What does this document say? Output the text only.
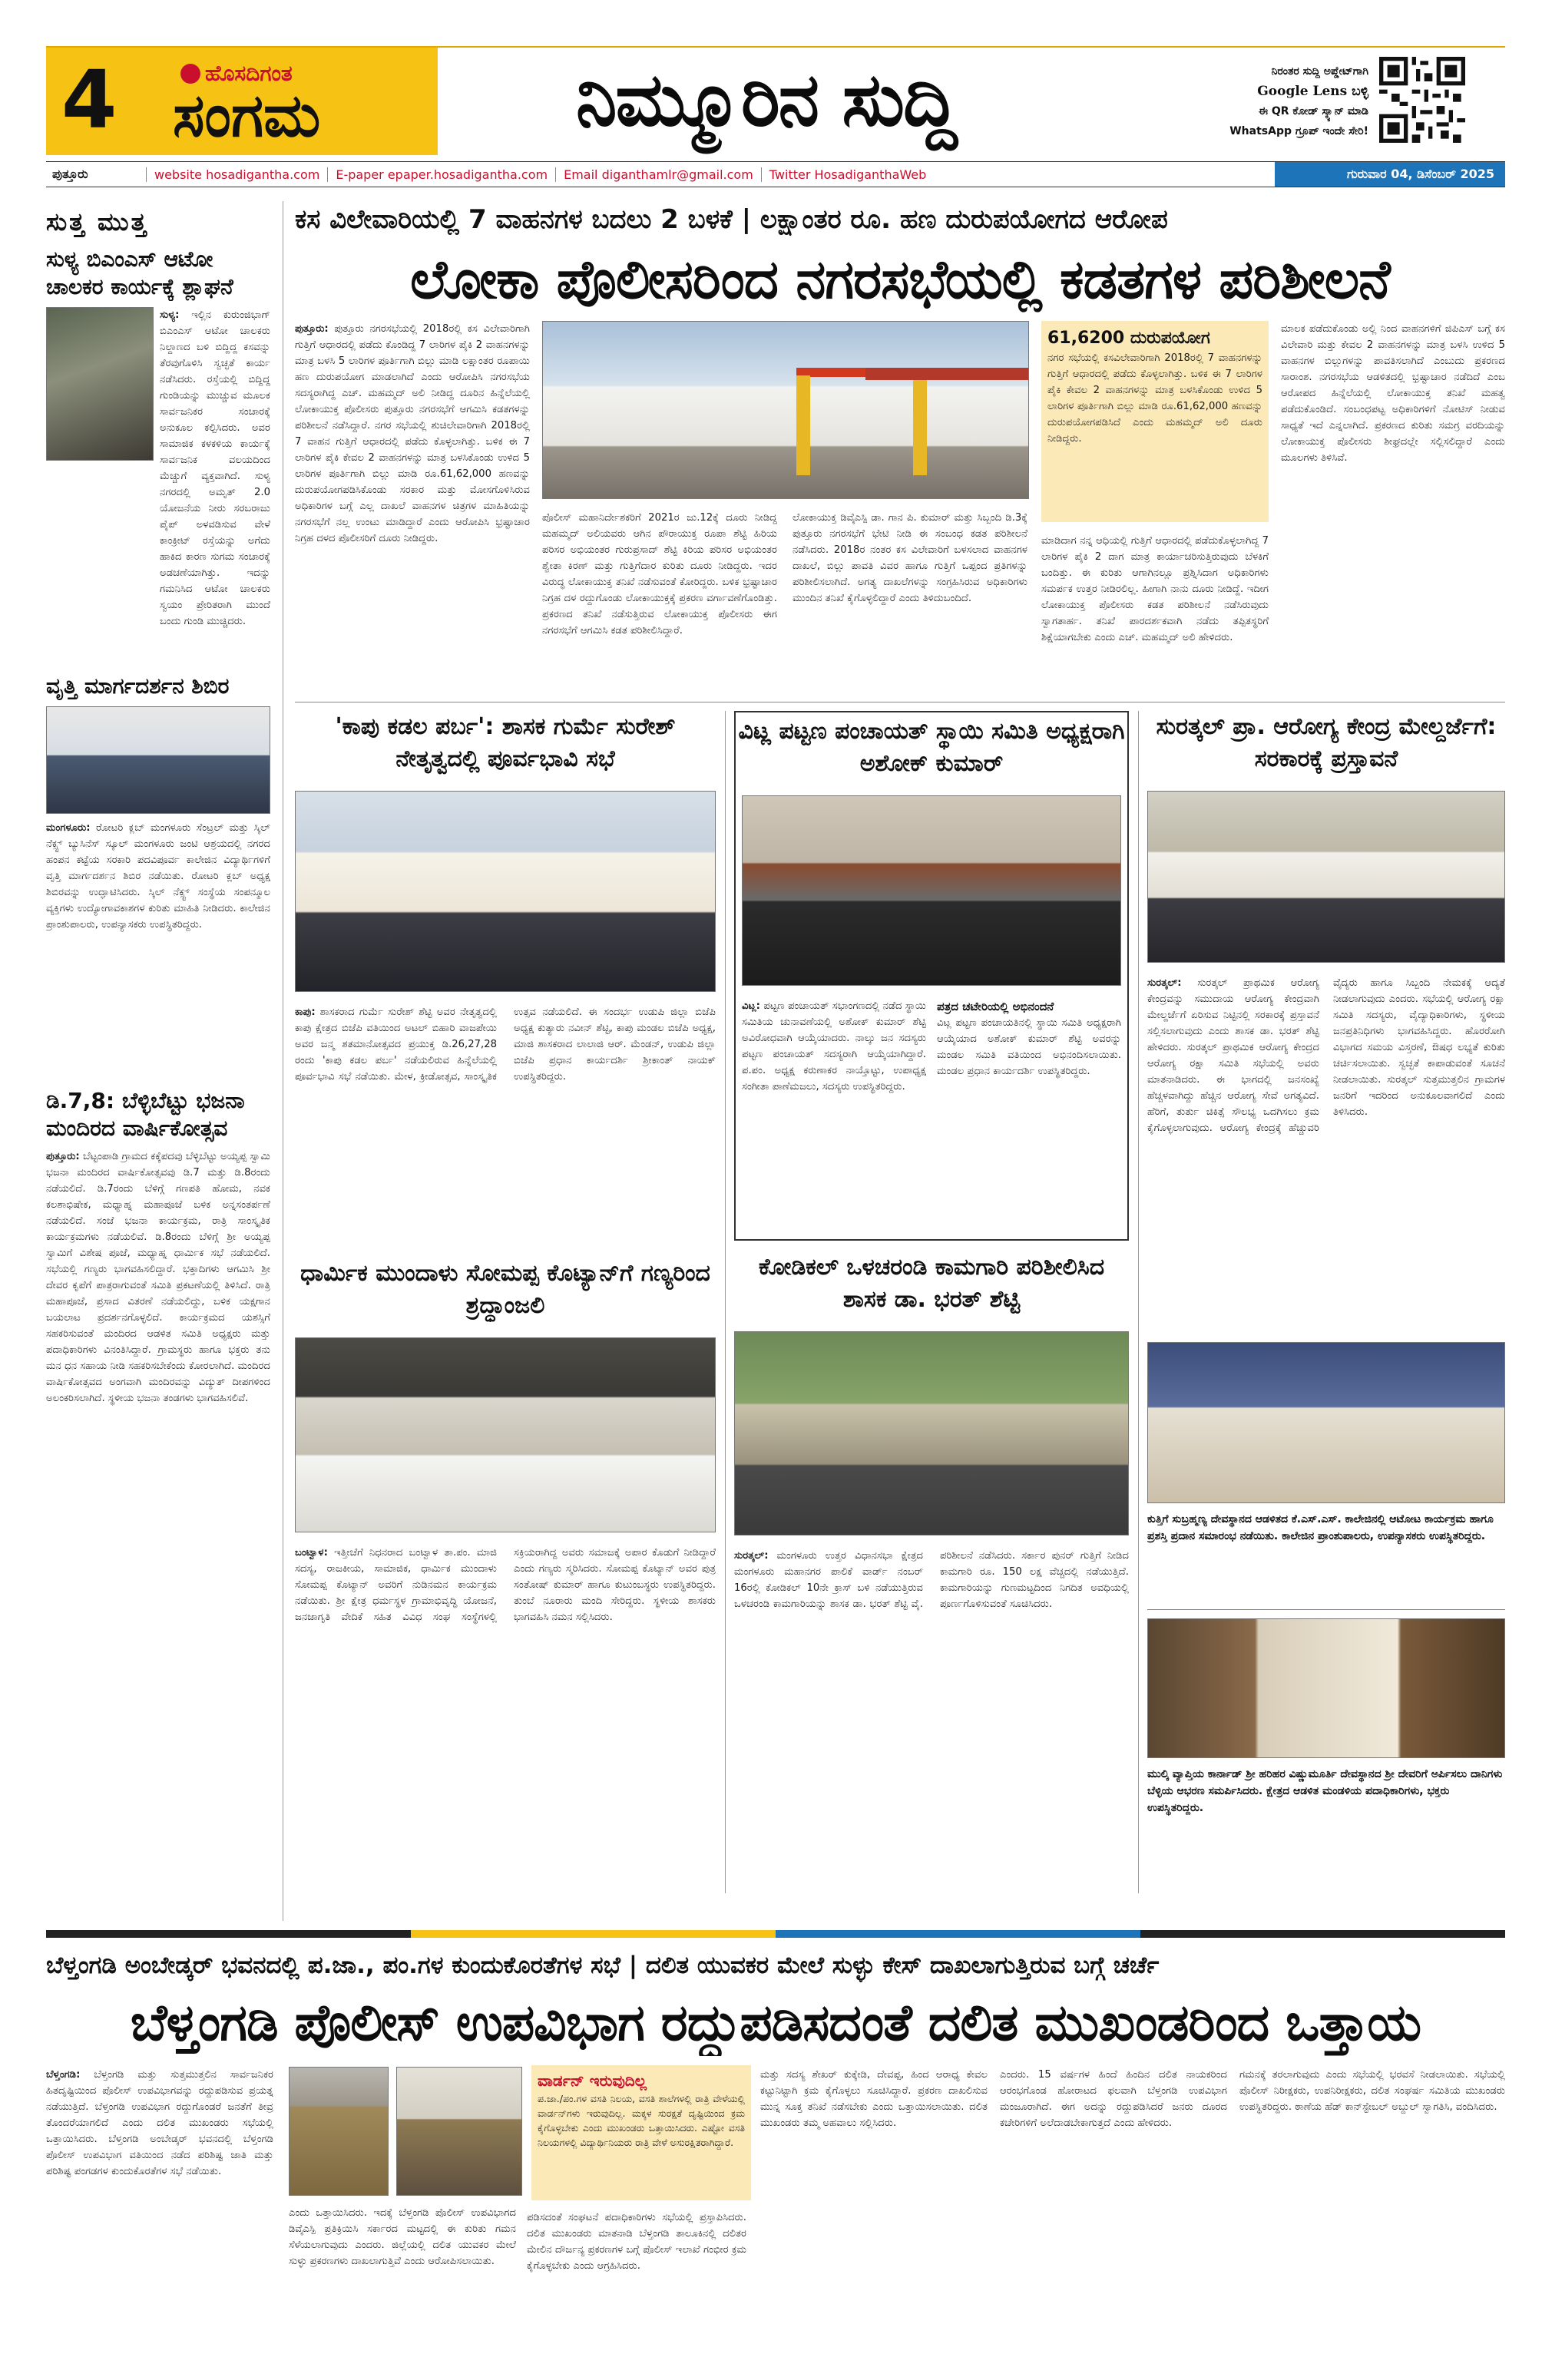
4	ಹೊಸದಿಗಂತ
ಸಂಗಮ	ನಿಮ್ಮೂರಿನ ಸುದ್ದಿ	ನಿರಂತರ ಸುದ್ದಿ ಅಪ್ಡೇಟ್‌ಗಾಗಿ
Google Lens ಬಳ್ಳಿ
ಈ QR ಕೋಡ್ ಸ್ಕ್ಯಾನ್ ಮಾಡಿ
WhatsApp ಗ್ರೂಪ್ ಇಂದೇ ಸೇರಿ!
ಪುತ್ತೂರು	website hosadigantha.com	E-paper epaper.hosadigantha.com	Email diganthamlr@gmail.com	Twitter HosadiganthaWeb	ಗುರುವಾರ 04, ಡಿಸೆಂಬರ್ 2025
ಸುತ್ತ ಮುತ್ತ
ಸುಳ್ಯ ಬಿಎಂಎಸ್ ಆಟೋ ಚಾಲಕರ ಕಾರ್ಯಕ್ಕೆ ಶ್ಲಾಘನೆ
ಸುಳ್ಯ: ಇಲ್ಲಿನ ಕುರುಂಜಿಭಾಗ್ ಬಿಎಂಎಸ್ ಆಟೋ ಚಾಲಕರು ನಿಲ್ದಾಣದ ಬಳಿ ಬಿದ್ದಿದ್ದ ಕಸವನ್ನು ತೆರವುಗೊಳಿಸಿ ಸ್ವಚ್ಛತೆ ಕಾರ್ಯ ನಡೆಸಿದರು. ರಸ್ತೆಯಲ್ಲಿ ಬಿದ್ದಿದ್ದ ಗುಂಡಿಯನ್ನು ಮುಚ್ಚುವ ಮೂಲಕ ಸಾರ್ವಜನಿಕರ ಸಂಚಾರಕ್ಕೆ ಅನುಕೂಲ ಕಲ್ಪಿಸಿದರು. ಅವರ ಸಾಮಾಜಿಕ ಕಳಕಳಿಯ ಕಾರ್ಯಕ್ಕೆ ಸಾರ್ವಜನಿಕ ವಲಯದಿಂದ ಮೆಚ್ಚುಗೆ ವ್ಯಕ್ತವಾಗಿದೆ. ಸುಳ್ಯ ನಗರದಲ್ಲಿ ಅಮೃತ್ 2.0 ಯೋಜನೆಯ ನೀರು ಸರಬರಾಜು ಪೈಪ್ ಅಳವಡಿಸುವ ವೇಳೆ ಕಾಂಕ್ರೀಟ್ ರಸ್ತೆಯನ್ನು ಅಗೆದು ಹಾಕಿದ ಕಾರಣ ಸುಗಮ ಸಂಚಾರಕ್ಕೆ ಅಡಚಣೆಯಾಗಿತ್ತು. ಇದನ್ನು ಗಮನಿಸಿದ ಆಟೋ ಚಾಲಕರು ಸ್ವಯಂ ಪ್ರೇರಿತರಾಗಿ ಮುಂದೆ ಬಂದು ಗುಂಡಿ ಮುಚ್ಚಿದರು.
ವೃತ್ತಿ ಮಾರ್ಗದರ್ಶನ ಶಿಬಿರ
ಮಂಗಳೂರು: ರೋಟರಿ ಕ್ಲಬ್ ಮಂಗಳೂರು ಸೆಂಟ್ರಲ್ ಮತ್ತು ಸ್ಕಿಲ್ ನೆಕ್ಸ್ಟ್ ಬ್ಯುಸಿನೆಸ್ ಸ್ಕೂಲ್ ಮಂಗಳೂರು ಜಂಟಿ ಆಶ್ರಯದಲ್ಲಿ ನಗರದ ಹಂಪನ ಕಟ್ಟೆಯ ಸರಕಾರಿ ಪದವಿಪೂರ್ವ ಕಾಲೇಜಿನ ವಿದ್ಯಾರ್ಥಿಗಳಿಗೆ ವೃತ್ತಿ ಮಾರ್ಗದರ್ಶನ ಶಿಬಿರ ನಡೆಯಿತು. ರೋಟರಿ ಕ್ಲಬ್ ಅಧ್ಯಕ್ಷ ಶಿಬಿರವನ್ನು ಉದ್ಘಾಟಿಸಿದರು. ಸ್ಕಿಲ್ ನೆಕ್ಸ್ಟ್ ಸಂಸ್ಥೆಯ ಸಂಪನ್ಮೂಲ ವ್ಯಕ್ತಿಗಳು ಉದ್ಯೋಗಾವಕಾಶಗಳ ಕುರಿತು ಮಾಹಿತಿ ನೀಡಿದರು. ಕಾಲೇಜಿನ ಪ್ರಾಂಶುಪಾಲರು, ಉಪನ್ಯಾಸಕರು ಉಪಸ್ಥಿತರಿದ್ದರು.
ಡಿ.7,8: ಬೆಳ್ಳಿಬೆಟ್ಟು ಭಜನಾ ಮಂದಿರದ ವಾರ್ಷಿಕೋತ್ಸವ
ಪುತ್ತೂರು: ಬೆಟ್ಟಂಪಾಡಿ ಗ್ರಾಮದ ಕಕ್ಕೆಪದವು ಬೆಳ್ಳಿಬೆಟ್ಟು ಅಯ್ಯಪ್ಪ ಸ್ವಾಮಿ ಭಜನಾ ಮಂದಿರದ ವಾರ್ಷಿಕೋತ್ಸವವು ಡಿ.7 ಮತ್ತು ಡಿ.8ರಂದು ನಡೆಯಲಿದೆ. ಡಿ.7ರಂದು ಬೆಳಿಗ್ಗೆ ಗಣಪತಿ ಹೋಮ, ನವಕ ಕಲಶಾಭಿಷೇಕ, ಮಧ್ಯಾಹ್ನ ಮಹಾಪೂಜೆ ಬಳಿಕ ಅನ್ನಸಂತರ್ಪಣೆ ನಡೆಯಲಿದೆ. ಸಂಜೆ ಭಜನಾ ಕಾರ್ಯಕ್ರಮ, ರಾತ್ರಿ ಸಾಂಸ್ಕೃತಿಕ ಕಾರ್ಯಕ್ರಮಗಳು ನಡೆಯಲಿವೆ. ಡಿ.8ರಂದು ಬೆಳಿಗ್ಗೆ ಶ್ರೀ ಅಯ್ಯಪ್ಪ ಸ್ವಾಮಿಗೆ ವಿಶೇಷ ಪೂಜೆ, ಮಧ್ಯಾಹ್ನ ಧಾರ್ಮಿಕ ಸಭೆ ನಡೆಯಲಿದೆ. ಸಭೆಯಲ್ಲಿ ಗಣ್ಯರು ಭಾಗವಹಿಸಲಿದ್ದಾರೆ. ಭಕ್ತಾದಿಗಳು ಆಗಮಿಸಿ ಶ್ರೀ ದೇವರ ಕೃಪೆಗೆ ಪಾತ್ರರಾಗುವಂತೆ ಸಮಿತಿ ಪ್ರಕಟಣೆಯಲ್ಲಿ ತಿಳಿಸಿದೆ. ರಾತ್ರಿ ಮಹಾಪೂಜೆ, ಪ್ರಸಾದ ವಿತರಣೆ ನಡೆಯಲಿದ್ದು, ಬಳಿಕ ಯಕ್ಷಗಾನ ಬಯಲಾಟ ಪ್ರದರ್ಶನಗೊಳ್ಳಲಿದೆ. ಕಾರ್ಯಕ್ರಮದ ಯಶಸ್ಸಿಗೆ ಸಹಕರಿಸುವಂತೆ ಮಂದಿರದ ಆಡಳಿತ ಸಮಿತಿ ಅಧ್ಯಕ್ಷರು ಮತ್ತು ಪದಾಧಿಕಾರಿಗಳು ವಿನಂತಿಸಿದ್ದಾರೆ. ಗ್ರಾಮಸ್ಥರು ಹಾಗೂ ಭಕ್ತರು ತನು ಮನ ಧನ ಸಹಾಯ ನೀಡಿ ಸಹಕರಿಸಬೇಕೆಂದು ಕೋರಲಾಗಿದೆ. ಮಂದಿರದ ವಾರ್ಷಿಕೋತ್ಸವದ ಅಂಗವಾಗಿ ಮಂದಿರವನ್ನು ವಿದ್ಯುತ್ ದೀಪಗಳಿಂದ ಅಲಂಕರಿಸಲಾಗಿದೆ. ಸ್ಥಳೀಯ ಭಜನಾ ತಂಡಗಳು ಭಾಗವಹಿಸಲಿವೆ.
ಕಸ ವಿಲೇವಾರಿಯಲ್ಲಿ 7 ವಾಹನಗಳ ಬದಲು 2 ಬಳಕೆ | ಲಕ್ಷಾಂತರ ರೂ. ಹಣ ದುರುಪಯೋಗದ ಆರೋಪ
ಲೋಕಾ ಪೊಲೀಸರಿಂದ ನಗರಸಭೆಯಲ್ಲಿ ಕಡತಗಳ ಪರಿಶೀಲನೆ
ಪುತ್ತೂರು: ಪುತ್ತೂರು ನಗರಸಭೆಯಲ್ಲಿ 2018ರಲ್ಲಿ ಕಸ ವಿಲೇವಾರಿಗಾಗಿ ಗುತ್ತಿಗೆ ಆಧಾರದಲ್ಲಿ ಪಡೆದು ಕೊಂಡಿದ್ದ 7 ಲಾರಿಗಳ ಪೈಕಿ 2 ವಾಹನಗಳನ್ನು ಮಾತ್ರ ಬಳಸಿ 5 ಲಾರಿಗಳ ಪೂರ್ತಿಗಾಗಿ ಬಿಲ್ಲು ಮಾಡಿ ಲಕ್ಷಾಂತರ ರೂಪಾಯಿ ಹಣ ದುರುಪಯೋಗ ಮಾಡಲಾಗಿದೆ ಎಂದು ಆರೋಪಿಸಿ ನಗರಸಭೆಯ ಸದಸ್ಯರಾಗಿದ್ದ ಎಚ್. ಮಹಮ್ಮದ್ ಅಲಿ ನೀಡಿದ್ದ ದೂರಿನ ಹಿನ್ನೆಲೆಯಲ್ಲಿ ಲೋಕಾಯುಕ್ತ ಪೊಲೀಸರು ಪುತ್ತೂರು ನಗರಸಭೆಗೆ ಆಗಮಿಸಿ ಕಡತಗಳನ್ನು ಪರಿಶೀಲನೆ ನಡೆಸಿದ್ದಾರೆ. ನಗರ ಸಭೆಯಲ್ಲಿ ಶುಚಿಲೇವಾರಿಗಾಗಿ 2018ರಲ್ಲಿ 7 ವಾಹನ ಗುತ್ತಿಗೆ ಆಧಾರದಲ್ಲಿ ಪಡೆದು ಕೊಳ್ಳಲಾಗಿತ್ತು. ಬಳಿಕ ಈ 7 ಲಾರಿಗಳ ಪೈಕಿ ಕೇವಲ 2 ವಾಹನಗಳನ್ನು ಮಾತ್ರ ಬಳಸಿಕೊಂಡು ಉಳಿದ 5 ಲಾರಿಗಳ ಪೂರ್ತಿಗಾಗಿ ಬಿಲ್ಲು ಮಾಡಿ ರೂ.61,62,000 ಹಣವನ್ನು ದುರುಪಯೋಗಪಡಿಸಿಕೊಂಡು ಸರಕಾರ ಮತ್ತು ಮೋಸಗೊಳಿಸಿರುವ ಅಧಿಕಾರಿಗಳ ಬಗ್ಗೆ ಎಲ್ಲ ದಾಖಲೆ ವಾಹನಗಳ ಚಿತ್ರಗಳ ಮಾಹಿತಿಯನ್ನು ನಗರಸಭೆಗೆ ನಲ್ಲ ಉಂಟು ಮಾಡಿದ್ದಾರೆ ಎಂದು ಆರೋಪಿಸಿ ಭ್ರಷ್ಟಾಚಾರ ನಿಗ್ರಹ ದಳದ ಪೊಲೀಸರಿಗೆ ದೂರು ನೀಡಿದ್ದರು.
ಪೊಲೀಸ್ ಮಹಾನಿರ್ದೇಶಕರಿಗೆ 2021ರ ಜು.12ಕ್ಕೆ ದೂರು ನೀಡಿದ್ದ ಮಹಮ್ಮದ್ ಅಲಿಯವರು ಆಗಿನ ಪೌರಾಯುಕ್ತ ರೂಪಾ ಶೆಟ್ಟಿ ಹಿರಿಯ ಪರಿಸರ ಅಭಿಯಂತರ ಗುರುಪ್ರಸಾದ್ ಶೆಟ್ಟಿ ಕಿರಿಯ ಪರಿಸರ ಅಭಿಯಂತರ ಶ್ವೇತಾ ಕಿರಣ್ ಮತ್ತು ಗುತ್ತಿಗೆದಾರ ಕುರಿತು ದೂರು ನೀಡಿದ್ದರು. ಇದರ ವಿರುದ್ಧ ಲೋಕಾಯುಕ್ತ ತನಿಖೆ ನಡೆಸುವಂತೆ ಕೋರಿದ್ದರು. ಬಳಿಕ ಭ್ರಷ್ಟಾಚಾರ ನಿಗ್ರಹ ದಳ ರದ್ದುಗೊಂಡು ಲೋಕಾಯುಕ್ತಕ್ಕೆ ಪ್ರಕರಣ ವರ್ಗಾವಣೆಗೊಂಡಿತ್ತು. ಪ್ರಕರಣದ ತನಿಖೆ ನಡೆಸುತ್ತಿರುವ ಲೋಕಾಯುಕ್ತ ಪೊಲೀಸರು ಈಗ ನಗರಸಭೆಗೆ ಆಗಮಿಸಿ ಕಡತ ಪರಿಶೀಲಿಸಿದ್ದಾರೆ.
ಲೋಕಾಯುಕ್ತ ಡಿವೈಎಸ್ಪಿ ಡಾ. ಗಾನ ಪಿ. ಕುಮಾರ್ ಮತ್ತು ಸಿಬ್ಬಂದಿ ಡಿ.3ಕ್ಕೆ ಪುತ್ತೂರು ನಗರಸಭೆಗೆ ಭೇಟಿ ನೀಡಿ ಈ ಸಂಬಂಧ ಕಡತ ಪರಿಶೀಲನೆ ನಡೆಸಿದರು. 2018ರ ನಂತರ ಕಸ ವಿಲೇವಾರಿಗೆ ಬಳಸಲಾದ ವಾಹನಗಳ ದಾಖಲೆ, ಬಿಲ್ಲು ಪಾವತಿ ವಿವರ ಹಾಗೂ ಗುತ್ತಿಗೆ ಒಪ್ಪಂದ ಪ್ರತಿಗಳನ್ನು ಪರಿಶೀಲಿಸಲಾಗಿದೆ. ಅಗತ್ಯ ದಾಖಲೆಗಳನ್ನು ಸಂಗ್ರಹಿಸಿರುವ ಅಧಿಕಾರಿಗಳು ಮುಂದಿನ ತನಿಖೆ ಕೈಗೊಳ್ಳಲಿದ್ದಾರೆ ಎಂದು ತಿಳಿದುಬಂದಿದೆ.
61,6200 ದುರುಪಯೋಗ
ನಗರ ಸಭೆಯಲ್ಲಿ ಕಸವಿಲೇವಾರಿಗಾಗಿ 2018ರಲ್ಲಿ 7 ವಾಹನಗಳನ್ನು ಗುತ್ತಿಗೆ ಆಧಾರದಲ್ಲಿ ಪಡೆದು ಕೊಳ್ಳಲಾಗಿತ್ತು. ಬಳಿಕ ಈ 7 ಲಾರಿಗಳ ಪೈಕಿ ಕೇವಲ 2 ವಾಹನಗಳನ್ನು ಮಾತ್ರ ಬಳಸಿಕೊಂಡು ಉಳಿದ 5 ಲಾರಿಗಳ ಪೂರ್ತಿಗಾಗಿ ಬಿಲ್ಲು ಮಾಡಿ ರೂ.61,62,000 ಹಣವನ್ನು ದುರುಪಯೋಗಪಡಿಸಿದೆ ಎಂದು ಮಹಮ್ಮದ್ ಅಲಿ ದೂರು ನೀಡಿದ್ದರು.
ಮಾಡಿದಾಗ ನನ್ನ ಆಧಿಯಲ್ಲಿ ಗುತ್ತಿಗೆ ಆಧಾರದಲ್ಲಿ ಪಡೆದುಕೊಳ್ಳಲಾಗಿದ್ದ 7 ಲಾರಿಗಳ ಪೈಕಿ 2 ದಾಗ ಮಾತ್ರ ಕಾರ್ಯಾಚರಿಸುತ್ತಿರುವುದು ಬೆಳಕಿಗೆ ಬಂದಿತ್ತು. ಈ ಕುರಿತು ಆಗಾಗಿನಲ್ಲೂ ಪ್ರಶ್ನಿಸಿದಾಗ ಅಧಿಕಾರಿಗಳು ಸಮರ್ಪಕ ಉತ್ತರ ನೀಡಿರಲಿಲ್ಲ. ಹೀಗಾಗಿ ನಾನು ದೂರು ನೀಡಿದ್ದೆ. ಇದೀಗ ಲೋಕಾಯುಕ್ತ ಪೊಲೀಸರು ಕಡತ ಪರಿಶೀಲನೆ ನಡೆಸಿರುವುದು ಸ್ವಾಗತಾರ್ಹ. ತನಿಖೆ ಪಾರದರ್ಶಕವಾಗಿ ನಡೆದು ತಪ್ಪಿತಸ್ಥರಿಗೆ ಶಿಕ್ಷೆಯಾಗಬೇಕು ಎಂದು ಎಚ್. ಮಹಮ್ಮದ್ ಅಲಿ ಹೇಳಿದರು.
ಮಾಲಕ ಪಡೆದುಕೊಂಡು ಅಲ್ಲಿ ನಿಂದ ವಾಹನಗಳಿಗೆ ಜಿಪಿಎಸ್ ಬಗ್ಗೆ ಕಸ ವಿಲೇವಾರಿ ಮತ್ತು ಕೇವಲ 2 ವಾಹನಗಳನ್ನು ಮಾತ್ರ ಬಳಸಿ ಉಳಿದ 5 ವಾಹನಗಳ ಬಿಲ್ಲುಗಳನ್ನು ಪಾವತಿಸಲಾಗಿದೆ ಎಂಬುದು ಪ್ರಕರಣದ ಸಾರಾಂಶ. ನಗರಸಭೆಯ ಆಡಳಿತದಲ್ಲಿ ಭ್ರಷ್ಟಾಚಾರ ನಡೆದಿದೆ ಎಂಬ ಆರೋಪದ ಹಿನ್ನೆಲೆಯಲ್ಲಿ ಲೋಕಾಯುಕ್ತ ತನಿಖೆ ಮಹತ್ವ ಪಡೆದುಕೊಂಡಿದೆ. ಸಂಬಂಧಪಟ್ಟ ಅಧಿಕಾರಿಗಳಿಗೆ ನೋಟಿಸ್ ನೀಡುವ ಸಾಧ್ಯತೆ ಇದೆ ಎನ್ನಲಾಗಿದೆ. ಪ್ರಕರಣದ ಕುರಿತು ಸಮಗ್ರ ವರದಿಯನ್ನು ಲೋಕಾಯುಕ್ತ ಪೊಲೀಸರು ಶೀಘ್ರದಲ್ಲೇ ಸಲ್ಲಿಸಲಿದ್ದಾರೆ ಎಂದು ಮೂಲಗಳು ತಿಳಿಸಿವೆ.
'ಕಾಪು ಕಡಲ ಪರ್ಬ': ಶಾಸಕ ಗುರ್ಮೆ ಸುರೇಶ್ ನೇತೃತ್ವದಲ್ಲಿ ಪೂರ್ವಭಾವಿ ಸಭೆ
ಕಾಪು: ಶಾಸಕರಾದ ಗುರ್ಮೆ ಸುರೇಶ್ ಶೆಟ್ಟಿ ಅವರ ನೇತೃತ್ವದಲ್ಲಿ ಕಾಪು ಕ್ಷೇತ್ರದ ಬಿಜೆಪಿ ವತಿಯಿಂದ ಅಟಲ್ ಬಿಹಾರಿ ವಾಜಪೇಯಿ ಅವರ ಜನ್ಮ ಶತಮಾನೋತ್ಸವದ ಪ್ರಯುಕ್ತ ಡಿ.26,27,28 ರಂದು 'ಕಾಪು ಕಡಲ ಪರ್ಬ' ನಡೆಯಲಿರುವ ಹಿನ್ನೆಲೆಯಲ್ಲಿ ಪೂರ್ವಭಾವಿ ಸಭೆ ನಡೆಯಿತು. ಮೇಳ, ಕ್ರೀಡೋತ್ಸವ, ಸಾಂಸ್ಕೃತಿಕ ಉತ್ಸವ ನಡೆಯಲಿದೆ. ಈ ಸಂದರ್ಭ ಉಡುಪಿ ಜಿಲ್ಲಾ ಬಿಜೆಪಿ ಅಧ್ಯಕ್ಷ ಕುತ್ಯಾರು ನವೀನ್ ಶೆಟ್ಟಿ, ಕಾಪು ಮಂಡಲ ಬಿಜೆಪಿ ಅಧ್ಯಕ್ಷ, ಮಾಜಿ ಶಾಸಕರಾದ ಲಾಲಾಜಿ ಆರ್. ಮೆಂಡನ್, ಉಡುಪಿ ಜಿಲ್ಲಾ ಬಿಜೆಪಿ ಪ್ರಧಾನ ಕಾರ್ಯದರ್ಶಿ ಶ್ರೀಕಾಂತ್ ನಾಯಕ್ ಉಪಸ್ಥಿತರಿದ್ದರು.
ವಿಟ್ಲ ಪಟ್ಟಣ ಪಂಚಾಯತ್ ಸ್ಥಾಯಿ ಸಮಿತಿ ಅಧ್ಯಕ್ಷರಾಗಿ ಅಶೋಕ್ ಕುಮಾರ್
ವಿಟ್ಲ: ಪಟ್ಟಣ ಪಂಚಾಯತ್ ಸಭಾಂಗಣದಲ್ಲಿ ನಡೆದ ಸ್ಥಾಯಿ ಸಮಿತಿಯ ಚುನಾವಣೆಯಲ್ಲಿ ಅಶೋಕ್ ಕುಮಾರ್ ಶೆಟ್ಟಿ ಅವಿರೋಧವಾಗಿ ಆಯ್ಕೆಯಾದರು. ನಾಲ್ಕು ಜನ ಸದಸ್ಯರು ಪಟ್ಟಣ ಪಂಚಾಯತ್ ಸದಸ್ಯರಾಗಿ ಆಯ್ಕೆಯಾಗಿದ್ದಾರೆ. ಪ.ಪಂ. ಅಧ್ಯಕ್ಷ ಕರುಣಾಕರ ನಾಯ್ತೊಟ್ಟು, ಉಪಾಧ್ಯಕ್ಷ ಸಂಗೀತಾ ಪಾಣೆಮಜಲು, ಸದಸ್ಯರು ಉಪಸ್ಥಿತರಿದ್ದರು.
ಪತ್ರದ ಚಟೇರಿಯಲ್ಲಿ ಅಭಿನಂದನೆ
ವಿಟ್ಲ ಪಟ್ಟಣ ಪಂಚಾಯತಿನಲ್ಲಿ ಸ್ಥಾಯಿ ಸಮಿತಿ ಅಧ್ಯಕ್ಷರಾಗಿ ಆಯ್ಕೆಯಾದ ಅಶೋಕ್ ಕುಮಾರ್ ಶೆಟ್ಟಿ ಅವರನ್ನು ಮಂಡಲ ಸಮಿತಿ ವತಿಯಿಂದ ಅಭಿನಂದಿಸಲಾಯಿತು. ಮಂಡಲ ಪ್ರಧಾನ ಕಾರ್ಯದರ್ಶಿ ಉಪಸ್ಥಿತರಿದ್ದರು.
ಸುರತ್ಕಲ್ ಪ್ರಾ. ಆರೋಗ್ಯ ಕೇಂದ್ರ ಮೇಲ್ದರ್ಜೆಗೆ: ಸರಕಾರಕ್ಕೆ ಪ್ರಸ್ತಾವನೆ
ಸುರತ್ಕಲ್: ಸುರತ್ಕಲ್ ಪ್ರಾಥಮಿಕ ಆರೋಗ್ಯ ಕೇಂದ್ರವನ್ನು ಸಮುದಾಯ ಆರೋಗ್ಯ ಕೇಂದ್ರವಾಗಿ ಮೇಲ್ದರ್ಜೆಗೆ ಏರಿಸುವ ನಿಟ್ಟಿನಲ್ಲಿ ಸರಕಾರಕ್ಕೆ ಪ್ರಸ್ತಾವನೆ ಸಲ್ಲಿಸಲಾಗುವುದು ಎಂದು ಶಾಸಕ ಡಾ. ಭರತ್ ಶೆಟ್ಟಿ ಹೇಳಿದರು. ಸುರತ್ಕಲ್ ಪ್ರಾಥಮಿಕ ಆರೋಗ್ಯ ಕೇಂದ್ರದ ಆರೋಗ್ಯ ರಕ್ಷಾ ಸಮಿತಿ ಸಭೆಯಲ್ಲಿ ಅವರು ಮಾತನಾಡಿದರು. ಈ ಭಾಗದಲ್ಲಿ ಜನಸಂಖ್ಯೆ ಹೆಚ್ಚಳವಾಗಿದ್ದು ಹೆಚ್ಚಿನ ಆರೋಗ್ಯ ಸೇವೆ ಅಗತ್ಯವಿದೆ. ಹೆರಿಗೆ, ತುರ್ತು ಚಿಕಿತ್ಸೆ ಸೌಲಭ್ಯ ಒದಗಿಸಲು ಕ್ರಮ ಕೈಗೊಳ್ಳಲಾಗುವುದು. ಆರೋಗ್ಯ ಕೇಂದ್ರಕ್ಕೆ ಹೆಚ್ಚುವರಿ ವೈದ್ಯರು ಹಾಗೂ ಸಿಬ್ಬಂದಿ ನೇಮಕಕ್ಕೆ ಆದ್ಯತೆ ನೀಡಲಾಗುವುದು ಎಂದರು. ಸಭೆಯಲ್ಲಿ ಆರೋಗ್ಯ ರಕ್ಷಾ ಸಮಿತಿ ಸದಸ್ಯರು, ವೈದ್ಯಾಧಿಕಾರಿಗಳು, ಸ್ಥಳೀಯ ಜನಪ್ರತಿನಿಧಿಗಳು ಭಾಗವಹಿಸಿದ್ದರು. ಹೊರರೋಗಿ ವಿಭಾಗದ ಸಮಯ ವಿಸ್ತರಣೆ, ಔಷಧ ಲಭ್ಯತೆ ಕುರಿತು ಚರ್ಚಿಸಲಾಯಿತು. ಸ್ವಚ್ಛತೆ ಕಾಪಾಡುವಂತೆ ಸೂಚನೆ ನೀಡಲಾಯಿತು. ಸುರತ್ಕಲ್ ಸುತ್ತಮುತ್ತಲಿನ ಗ್ರಾಮಗಳ ಜನರಿಗೆ ಇದರಿಂದ ಅನುಕೂಲವಾಗಲಿದೆ ಎಂದು ತಿಳಿಸಿದರು.
ಧಾರ್ಮಿಕ ಮುಂದಾಳು ಸೋಮಪ್ಪ ಕೊಟ್ಯಾನ್‌ಗೆ ಗಣ್ಯರಿಂದ ಶ್ರದ್ಧಾಂಜಲಿ
ಬಂಟ್ವಾಳ: ಇತ್ತೀಚೆಗೆ ನಿಧನರಾದ ಬಂಟ್ವಾಳ ತಾ.ಪಂ. ಮಾಜಿ ಸದಸ್ಯ, ರಾಜಕೀಯ, ಸಾಮಾಜಿಕ, ಧಾರ್ಮಿಕ ಮುಂದಾಳು ಸೋಮಪ್ಪ ಕೊಟ್ಯಾನ್ ಅವರಿಗೆ ನುಡಿನಮನ ಕಾರ್ಯಕ್ರಮ ನಡೆಯಿತು. ಶ್ರೀ ಕ್ಷೇತ್ರ ಧರ್ಮಸ್ಥಳ ಗ್ರಾಮಾಭಿವೃದ್ಧಿ ಯೋಜನೆ, ಜನಜಾಗೃತಿ ವೇದಿಕೆ ಸಹಿತ ವಿವಿಧ ಸಂಘ ಸಂಸ್ಥೆಗಳಲ್ಲಿ ಸಕ್ರಿಯರಾಗಿದ್ದ ಅವರು ಸಮಾಜಕ್ಕೆ ಅಪಾರ ಕೊಡುಗೆ ನೀಡಿದ್ದಾರೆ ಎಂದು ಗಣ್ಯರು ಸ್ಮರಿಸಿದರು. ಸೋಮಪ್ಪ ಕೊಟ್ಯಾನ್ ಅವರ ಪುತ್ರ ಸಂತೋಷ್ ಕುಮಾರ್ ಹಾಗೂ ಕುಟುಂಬಸ್ಥರು ಉಪಸ್ಥಿತರಿದ್ದರು. ತುಂಬೆ ನೂರಾರು ಮಂದಿ ಸೇರಿದ್ದರು. ಸ್ಥಳೀಯ ಶಾಸಕರು ಭಾಗವಹಿಸಿ ನಮನ ಸಲ್ಲಿಸಿದರು.
ಕೋಡಿಕಲ್ ಒಳಚರಂಡಿ ಕಾಮಗಾರಿ ಪರಿಶೀಲಿಸಿದ ಶಾಸಕ ಡಾ. ಭರತ್ ಶೆಟ್ಟಿ
ಸುರತ್ಕಲ್: ಮಂಗಳೂರು ಉತ್ತರ ವಿಧಾನಸಭಾ ಕ್ಷೇತ್ರದ ಮಂಗಳೂರು ಮಹಾನಗರ ಪಾಲಿಕೆ ವಾರ್ಡ್ ನಂಬರ್ 16ರಲ್ಲಿ ಕೋಡಿಕಲ್ 10ನೇ ಕ್ರಾಸ್ ಬಳಿ ನಡೆಯುತ್ತಿರುವ ಒಳಚರಂಡಿ ಕಾಮಗಾರಿಯನ್ನು ಶಾಸಕ ಡಾ. ಭರತ್ ಶೆಟ್ಟಿ ವೈ. ಪರಿಶೀಲನೆ ನಡೆಸಿದರು. ಸರ್ಕಾರ ಪುನರ್ ಗುತ್ತಿಗೆ ನೀಡಿದ ಕಾಮಗಾರಿ ರೂ. 150 ಲಕ್ಷ ವೆಚ್ಚದಲ್ಲಿ ನಡೆಯುತ್ತಿದೆ. ಕಾಮಗಾರಿಯನ್ನು ಗುಣಮಟ್ಟದಿಂದ ನಿಗದಿತ ಅವಧಿಯಲ್ಲಿ ಪೂರ್ಣಗೊಳಿಸುವಂತೆ ಸೂಚಿಸಿದರು.
ಕುತ್ತಿಗೆ ಸುಬ್ರಹ್ಮಣ್ಯ ದೇವಸ್ಥಾನದ ಆಡಳಿತದ ಕೆ.ಎಸ್.ಎಸ್. ಕಾಲೇಜಿನಲ್ಲಿ ಆಟೋಟ ಕಾರ್ಯಕ್ರಮ ಹಾಗೂ ಪ್ರಶಸ್ತಿ ಪ್ರದಾನ ಸಮಾರಂಭ ನಡೆಯಿತು. ಕಾಲೇಜಿನ ಪ್ರಾಂಶುಪಾಲರು, ಉಪನ್ಯಾಸಕರು ಉಪಸ್ಥಿತರಿದ್ದರು.
ಮುಲ್ಕಿ ವ್ಯಾಪ್ತಿಯ ಕಾರ್ನಾಡ್ ಶ್ರೀ ಹರಿಹರ ವಿಷ್ಣುಮೂರ್ತಿ ದೇವಸ್ಥಾನದ ಶ್ರೀ ದೇವರಿಗೆ ಅರ್ಪಿಸಲು ದಾನಿಗಳು ಬೆಳ್ಳಿಯ ಆಭರಣ ಸಮರ್ಪಿಸಿದರು. ಕ್ಷೇತ್ರದ ಆಡಳಿತ ಮಂಡಳಿಯ ಪದಾಧಿಕಾರಿಗಳು, ಭಕ್ತರು ಉಪಸ್ಥಿತರಿದ್ದರು.
ಬೆಳ್ತಂಗಡಿ ಅಂಬೇಡ್ಕರ್ ಭವನದಲ್ಲಿ ಪ.ಜಾ., ಪಂ.ಗಳ ಕುಂದುಕೊರತೆಗಳ ಸಭೆ | ದಲಿತ ಯುವಕರ ಮೇಲೆ ಸುಳ್ಳು ಕೇಸ್ ದಾಖಲಾಗುತ್ತಿರುವ ಬಗ್ಗೆ ಚರ್ಚೆ
ಬೆಳ್ತಂಗಡಿ ಪೊಲೀಸ್ ಉಪವಿಭಾಗ ರದ್ದುಪಡಿಸದಂತೆ ದಲಿತ ಮುಖಂಡರಿಂದ ಒತ್ತಾಯ
ಬೆಳ್ತಂಗಡಿ: ಬೆಳ್ತಂಗಡಿ ಮತ್ತು ಸುತ್ತಮುತ್ತಲಿನ ಸಾರ್ವಜನಿಕರ ಹಿತದೃಷ್ಟಿಯಿಂದ ಪೊಲೀಸ್ ಉಪವಿಭಾಗವನ್ನು ರದ್ದುಪಡಿಸುವ ಪ್ರಯತ್ನ ನಡೆಯುತ್ತಿದೆ. ಬೆಳ್ತಂಗಡಿ ಉಪವಿಭಾಗ ರದ್ದುಗೊಂಡರೆ ಜನತೆಗೆ ತೀವ್ರ ತೊಂದರೆಯಾಗಲಿದೆ ಎಂದು ದಲಿತ ಮುಖಂಡರು ಸಭೆಯಲ್ಲಿ ಒತ್ತಾಯಿಸಿದರು. ಬೆಳ್ತಂಗಡಿ ಅಂಬೇಡ್ಕರ್ ಭವನದಲ್ಲಿ ಬೆಳ್ತಂಗಡಿ ಪೊಲೀಸ್ ಉಪವಿಭಾಗ ವತಿಯಿಂದ ನಡೆದ ಪರಿಶಿಷ್ಟ ಜಾತಿ ಮತ್ತು ಪರಿಶಿಷ್ಟ ಪಂಗಡಗಳ ಕುಂದುಕೊರತೆಗಳ ಸಭೆ ನಡೆಯಿತು.
ಎಂದು ಒತ್ತಾಯಿಸಿದರು. ಇದಕ್ಕೆ ಬೆಳ್ತಂಗಡಿ ಪೊಲೀಸ್ ಉಪವಿಭಾಗದ ಡಿವೈಎಸ್ಪಿ ಪ್ರತಿಕ್ರಿಯಿಸಿ ಸರ್ಕಾರದ ಮಟ್ಟದಲ್ಲಿ ಈ ಕುರಿತು ಗಮನ ಸೆಳೆಯಲಾಗುವುದು ಎಂದರು. ಜಿಲ್ಲೆಯಲ್ಲಿ ದಲಿತ ಯುವಕರ ಮೇಲೆ ಸುಳ್ಳು ಪ್ರಕರಣಗಳು ದಾಖಲಾಗುತ್ತಿವೆ ಎಂದು ಆರೋಪಿಸಲಾಯಿತು.
ಪಡಿಸದಂತೆ ಸಂಘಟನೆ ಪದಾಧಿಕಾರಿಗಳು ಸಭೆಯಲ್ಲಿ ಪ್ರಸ್ತಾಪಿಸಿದರು. ದಲಿತ ಮುಖಂಡರು ಮಾತನಾಡಿ ಬೆಳ್ತಂಗಡಿ ತಾಲೂಕಿನಲ್ಲಿ ದಲಿತರ ಮೇಲಿನ ದೌರ್ಜನ್ಯ ಪ್ರಕರಣಗಳ ಬಗ್ಗೆ ಪೊಲೀಸ್ ಇಲಾಖೆ ಗಂಭೀರ ಕ್ರಮ ಕೈಗೊಳ್ಳಬೇಕು ಎಂದು ಆಗ್ರಹಿಸಿದರು.
ಮತ್ತು ಸದಸ್ಯ ಶೇಖರ್ ಕುಕ್ಕೇಡಿ, ದೇವಪ್ಪ, ಹಿಂದ ಆರಾಧ್ಯ ಕೇವಲ ಕಟ್ಟುನಿಟ್ಟಾಗಿ ಕ್ರಮ ಕೈಗೊಳ್ಳಲು ಸೂಚಿಸಿದ್ದಾರೆ. ಪ್ರಕರಣ ದಾಖಲಿಸುವ ಮುನ್ನ ಸೂಕ್ತ ತನಿಖೆ ನಡೆಸಬೇಕು ಎಂದು ಒತ್ತಾಯಿಸಲಾಯಿತು. ದಲಿತ ಮುಖಂಡರು ತಮ್ಮ ಅಹವಾಲು ಸಲ್ಲಿಸಿದರು.
ಎಂದರು. 15 ವರ್ಷಗಳ ಹಿಂದೆ ಹಿಂದಿನ ದಲಿತ ನಾಯಕರಿಂದ ಆರಂಭಗೊಂಡ ಹೋರಾಟದ ಫಲವಾಗಿ ಬೆಳ್ತಂಗಡಿ ಉಪವಿಭಾಗ ಮಂಜೂರಾಗಿದೆ. ಈಗ ಅದನ್ನು ರದ್ದುಪಡಿಸಿದರೆ ಜನರು ದೂರದ ಕಚೇರಿಗಳಿಗೆ ಅಲೆದಾಡಬೇಕಾಗುತ್ತದೆ ಎಂದು ಹೇಳಿದರು.
ಗಮನಕ್ಕೆ ತರಲಾಗುವುದು ಎಂದು ಸಭೆಯಲ್ಲಿ ಭರವಸೆ ನೀಡಲಾಯಿತು. ಸಭೆಯಲ್ಲಿ ಪೊಲೀಸ್ ನಿರೀಕ್ಷಕರು, ಉಪನಿರೀಕ್ಷಕರು, ದಲಿತ ಸಂಘರ್ಷ ಸಮಿತಿಯ ಮುಖಂಡರು ಉಪಸ್ಥಿತರಿದ್ದರು. ಠಾಣೆಯ ಹೆಡ್ ಕಾನ್‌ಸ್ಟೇಬಲ್ ಅಬ್ದುಲ್ ಸ್ವಾಗತಿಸಿ, ವಂದಿಸಿದರು.
ವಾರ್ಡನ್ ಇರುವುದಿಲ್ಲ
ಪ.ಜಾ./ಪಂ.ಗಳ ವಸತಿ ನಿಲಯ, ವಸತಿ ಶಾಲೆಗಳಲ್ಲಿ ರಾತ್ರಿ ವೇಳೆಯಲ್ಲಿ ವಾರ್ಡನ್‌ಗಳು ಇರುವುದಿಲ್ಲ. ಮಕ್ಕಳ ಸುರಕ್ಷತೆ ದೃಷ್ಟಿಯಿಂದ ಕ್ರಮ ಕೈಗೊಳ್ಳಬೇಕು ಎಂದು ಮುಖಂಡರು ಒತ್ತಾಯಿಸಿದರು. ಎಷ್ಟೋ ವಸತಿ ನಿಲಯಗಳಲ್ಲಿ ವಿದ್ಯಾರ್ಥಿನಿಯರು ರಾತ್ರಿ ವೇಳೆ ಅಸುರಕ್ಷಿತರಾಗಿದ್ದಾರೆ.
